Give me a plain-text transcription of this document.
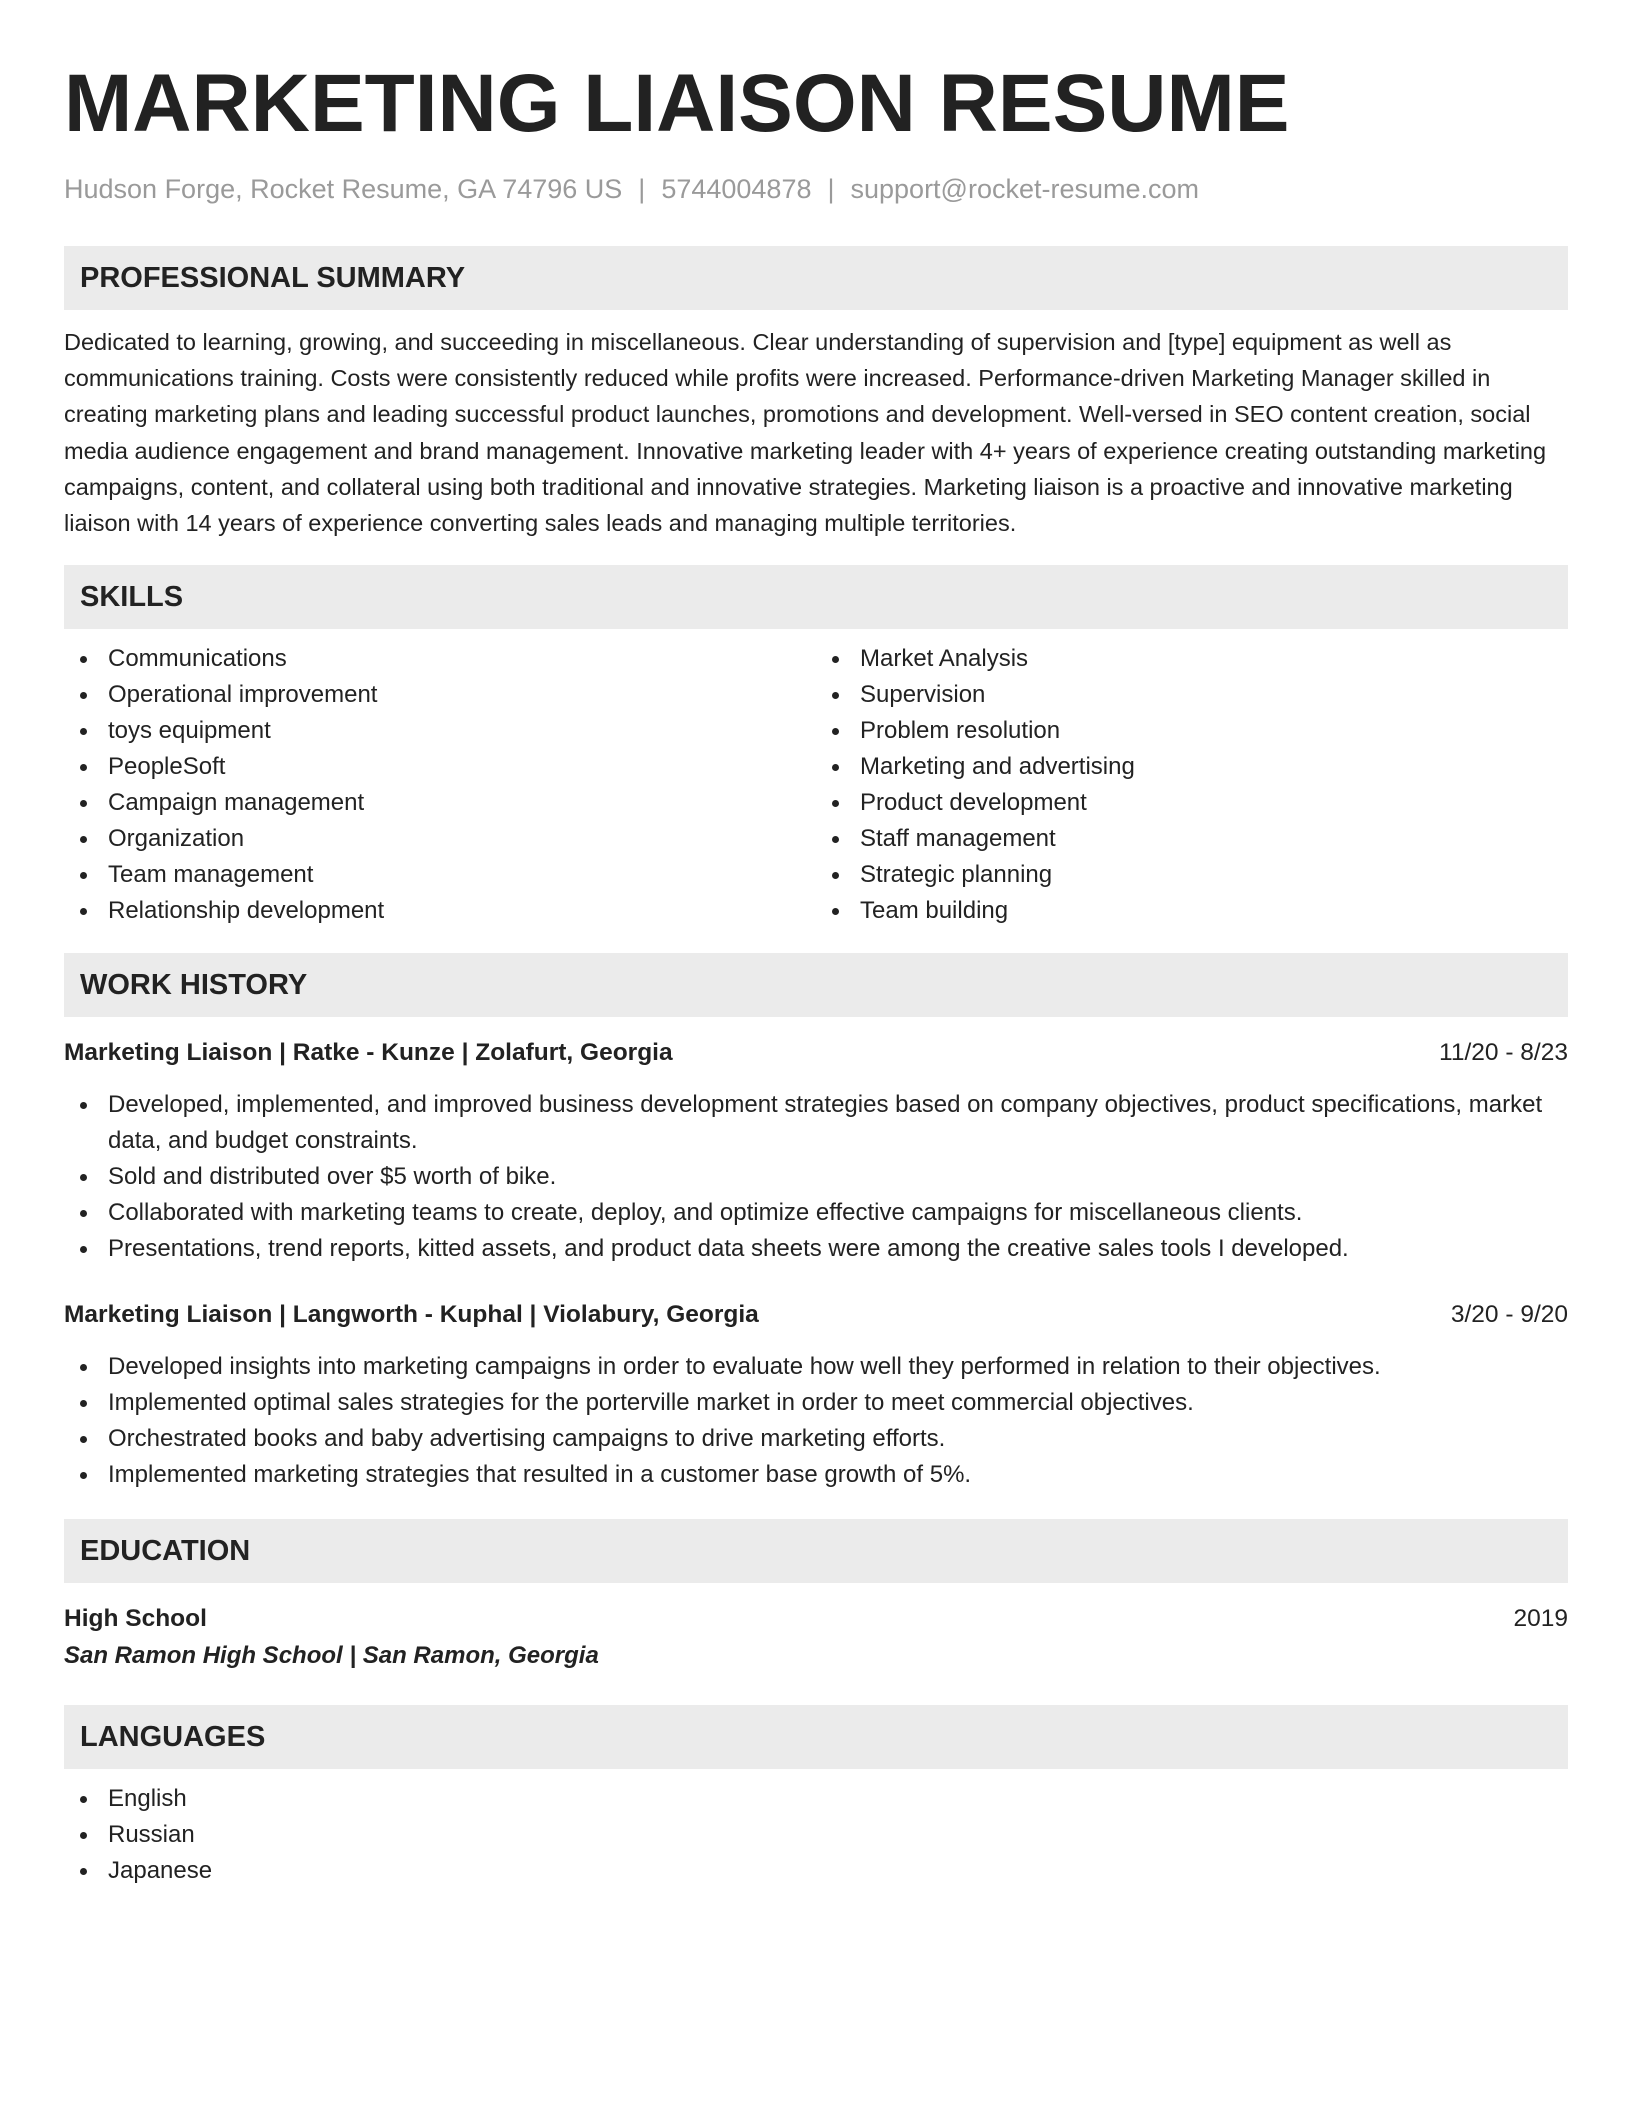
MARKETING LIAISON RESUME
Hudson Forge, Rocket Resume, GA 74796 US | 5744004878 | support@rocket-resume.com
PROFESSIONAL SUMMARY
Dedicated to learning, growing, and succeeding in miscellaneous. Clear understanding of supervision and [type] equipment as well as communications training. Costs were consistently reduced while profits were increased. Performance-driven Marketing Manager skilled in creating marketing plans and leading successful product launches, promotions and development. Well-versed in SEO content creation, social media audience engagement and brand management. Innovative marketing leader with 4+ years of experience creating outstanding marketing campaigns, content, and collateral using both traditional and innovative strategies. Marketing liaison is a proactive and innovative marketing liaison with 14 years of experience converting sales leads and managing multiple territories.
SKILLS
Communications
Operational improvement
toys equipment
PeopleSoft
Campaign management
Organization
Team management
Relationship development
Market Analysis
Supervision
Problem resolution
Marketing and advertising
Product development
Staff management
Strategic planning
Team building
WORK HISTORY
Marketing Liaison | Ratke - Kunze | Zolafurt, Georgia	11/20 - 8/23
Developed, implemented, and improved business development strategies based on company objectives, product specifications, market data, and budget constraints.
Sold and distributed over $5 worth of bike.
Collaborated with marketing teams to create, deploy, and optimize effective campaigns for miscellaneous clients.
Presentations, trend reports, kitted assets, and product data sheets were among the creative sales tools I developed.
Marketing Liaison | Langworth - Kuphal | Violabury, Georgia	3/20 - 9/20
Developed insights into marketing campaigns in order to evaluate how well they performed in relation to their objectives.
Implemented optimal sales strategies for the porterville market in order to meet commercial objectives.
Orchestrated books and baby advertising campaigns to drive marketing efforts.
Implemented marketing strategies that resulted in a customer base growth of 5%.
EDUCATION
High School	2019
San Ramon High School | San Ramon, Georgia
LANGUAGES
English
Russian
Japanese
